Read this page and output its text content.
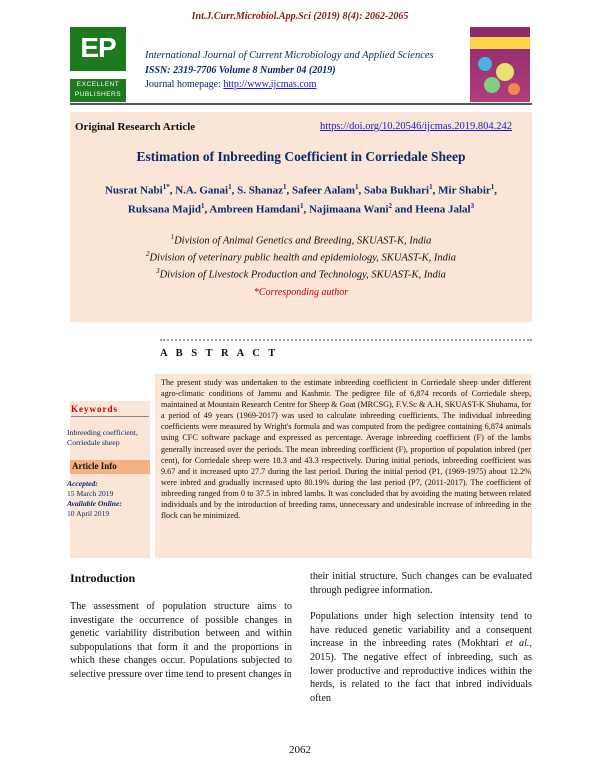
Int.J.Curr.Microbiol.App.Sci (2019) 8(4): 2062-2065
EP
EXCELLENT
PUBLISHERS
International Journal of Current Microbiology and Applied Sciences
ISSN: 2319-7706 Volume 8 Number 04 (2019)
Journal homepage: http://www.ijcmas.com
Original Research Article	https://doi.org/10.20546/ijcmas.2019.804.242
Estimation of Inbreeding Coefficient in Corriedale Sheep
Nusrat Nabi$^{1*}$, N.A. Ganai$^1$, S. Shanaz$^1$, Safeer Aalam$^1$, Saba Bukhari$^1$, Mir Shabir$^1$,
Ruksana Majid$^1$, Ambreen Hamdani$^1$, Najimaana Wani$^2$ and Heena Jalal$^3$
$^1$Division of Animal Genetics and Breeding, SKUAST-K, India
$^2$Division of veterinary public health and epidemiology, SKUAST-K, India
$^3$Division of Livestock Production and Technology, SKUAST-K, India
*Corresponding author
A B S T R A C T
The present study was undertaken to the estimate inbreeding coefficient in Corriedale sheep under different agro-climatic conditions of Jammu and Kashmir. The pedigree file of 6,874 records of Corriedale sheep, maintained at Mountain Research Centre for Sheep & Goat (MRCSG), F.V.Sc & A.H, SKUAST-K Shuhama, for a period of 49 years (1969-2017) was used to calculate inbreeding coefficients. The individual inbreeding coefficients were measured by Wright's formula and was computed from the pedigree containing 6,874 animals using CFC software package and expressed as percentage. Average inbreeding coefficient (F) of the lambs generally increased over the periods. The mean inbreeding coefficient (F), proportion of population inbred (per cent), for Corriedale sheep were 18.3 and 43.3 respectively. During initial periods, inbreeding coefficient was 9.67 and it increased upto 27.7 during the last period. During the initial period (P1, (1969-1975) about 12.2% were inbred and gradually increased upto 80.19% during the last period (P7, (2011-2017). The coefficient of inbreeding ranged from 0 to 37.5 in inbred lambs. It was concluded that by avoiding the mating between related individuals and by the introduction of breeding rams, unnecessary and undesirable increase of inbreeding in the flock can be minimized.
Keywords
Inbreeding coefficient, Corriedale sheep
Article Info
Accepted:
15 March 2019
Available Online:
10 April 2019
Introduction

The assessment of population structure aims to investigate the occurrence of possible changes in genetic variability distribution between and within subpopulations that form it and the proportions in which these changes occur. Populations subjected to selective pressure over time tend to present changes in

their initial structure. Such changes can be evaluated through pedigree information.

Populations under high selection intensity tend to have reduced genetic variability and a consequent increase in the inbreeding rates (Mokhtari et al., 2015). The negative effect of inbreeding, such as lower productive and reproductive indices within the herds, is related to the fact that inbred individuals often

2062
